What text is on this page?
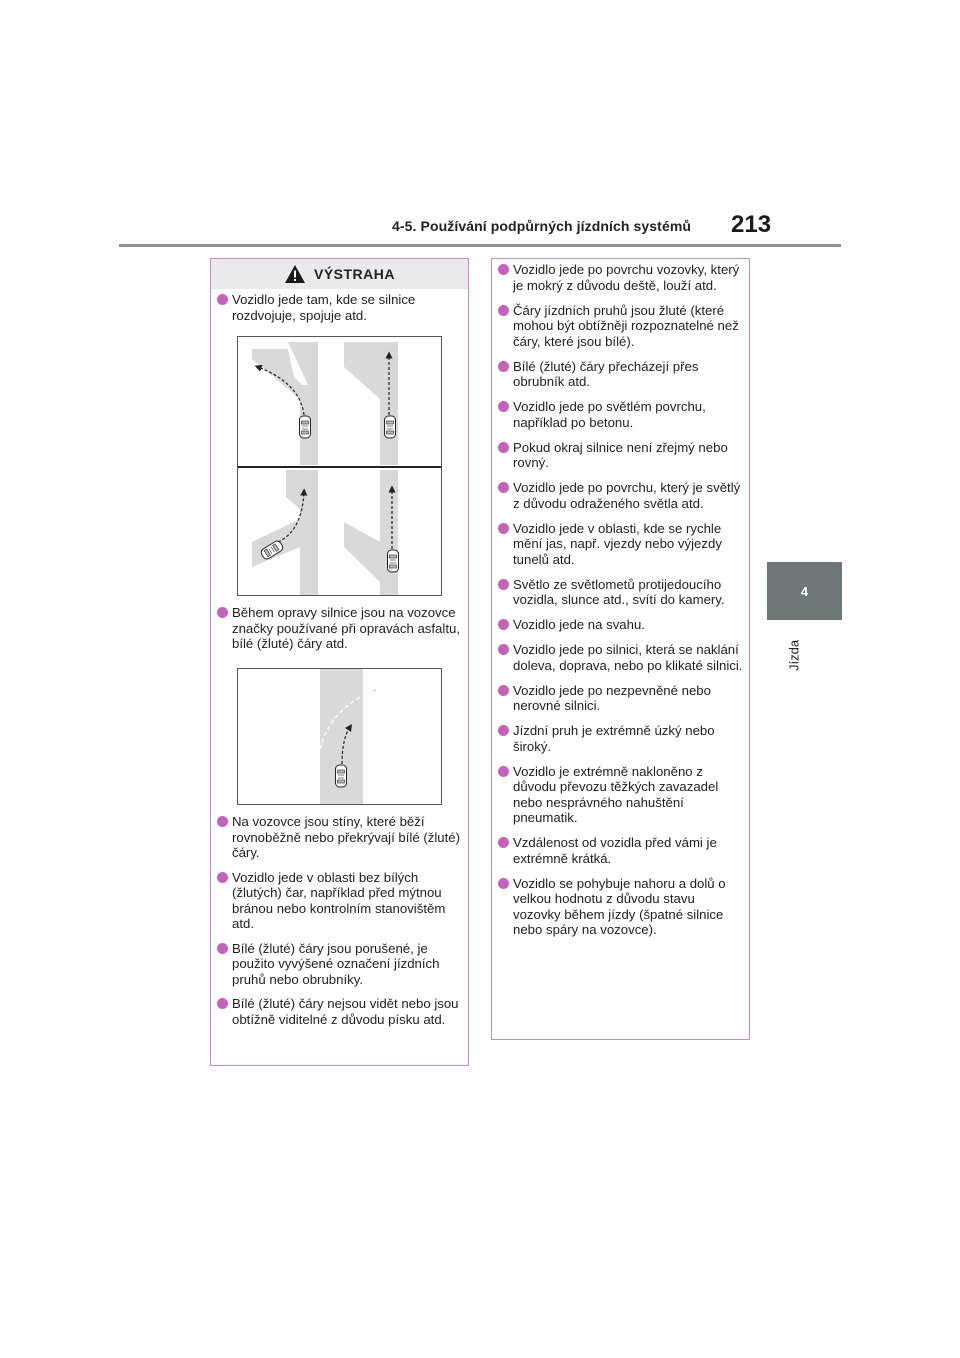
4-5. Používání podpůrných jízdních systémů 213
4
Jízda
VÝSTRAHA
Vozidlo jede tam, kde se silnice rozdvojuje, spojuje atd.
Během opravy silnice jsou na vozovce značky používané při opravách asfaltu, bílé (žluté) čáry atd.
Na vozovce jsou stíny, které běží rovnoběžně nebo překrývají bílé (žluté) čáry.
Vozidlo jede v oblasti bez bílých (žlutých) čar, například před mýtnou bránou nebo kontrolním stanovištěm atd.
Bílé (žluté) čáry jsou porušené, je použito vyvýšené označení jízdních pruhů nebo obrubníky.
Bílé (žluté) čáry nejsou vidět nebo jsou obtížně viditelné z důvodu písku atd.
Vozidlo jede po povrchu vozovky, který je mokrý z důvodu deště, louží atd.
Čáry jízdních pruhů jsou žluté (které mohou být obtížněji rozpoznatelné než čáry, které jsou bílé).
Bílé (žluté) čáry přecházejí přes obrubník atd.
Vozidlo jede po světlém povrchu, například po betonu.
Pokud okraj silnice není zřejmý nebo rovný.
Vozidlo jede po povrchu, který je světlý z důvodu odraženého světla atd.
Vozidlo jede v oblasti, kde se rychle mění jas, např. vjezdy nebo výjezdy tunelů atd.
Světlo ze světlometů protijedoucího vozidla, slunce atd., svítí do kamery.
Vozidlo jede na svahu.
Vozidlo jede po silnici, která se naklání doleva, doprava, nebo po klikaté silnici.
Vozidlo jede po nezpevněné nebo nerovné silnici.
Jízdní pruh je extrémně úzký nebo široký.
Vozidlo je extrémně nakloněno z důvodu převozu těžkých zavazadel nebo nesprávného nahuštění pneumatik.
Vzdálenost od vozidla před vámi je extrémně krátká.
Vozidlo se pohybuje nahoru a dolů o velkou hodnotu z důvodu stavu vozovky během jízdy (špatné silnice nebo spáry na vozovce).
